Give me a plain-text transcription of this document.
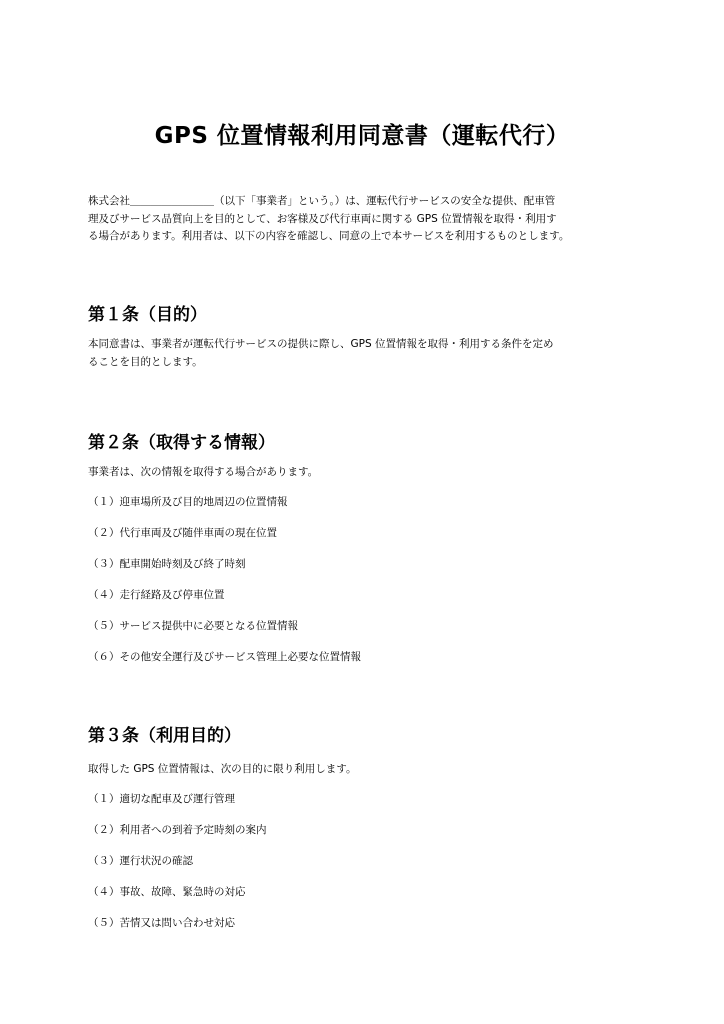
GPS 位置情報利用同意書（運転代行）

株式会社＿＿＿＿＿＿＿＿（以下「事業者」という。）は、運転代行サービスの安全な提供、配車管
理及びサービス品質向上を目的として、お客様及び代行車両に関する GPS 位置情報を取得・利用す
る場合があります。利用者は、以下の内容を確認し、同意の上で本サービスを利用するものとします。

第１条（目的）

本同意書は、事業者が運転代行サービスの提供に際し、GPS 位置情報を取得・利用する条件を定め
ることを目的とします。

第２条（取得する情報）

事業者は、次の情報を取得する場合があります。

（１）迎車場所及び目的地周辺の位置情報
（２）代行車両及び随伴車両の現在位置
（３）配車開始時刻及び終了時刻
（４）走行経路及び停車位置
（５）サービス提供中に必要となる位置情報
（６）その他安全運行及びサービス管理上必要な位置情報
第３条（利用目的）

取得した GPS 位置情報は、次の目的に限り利用します。

（１）適切な配車及び運行管理
（２）利用者への到着予定時刻の案内
（３）運行状況の確認
（４）事故、故障、緊急時の対応
（５）苦情又は問い合わせ対応
